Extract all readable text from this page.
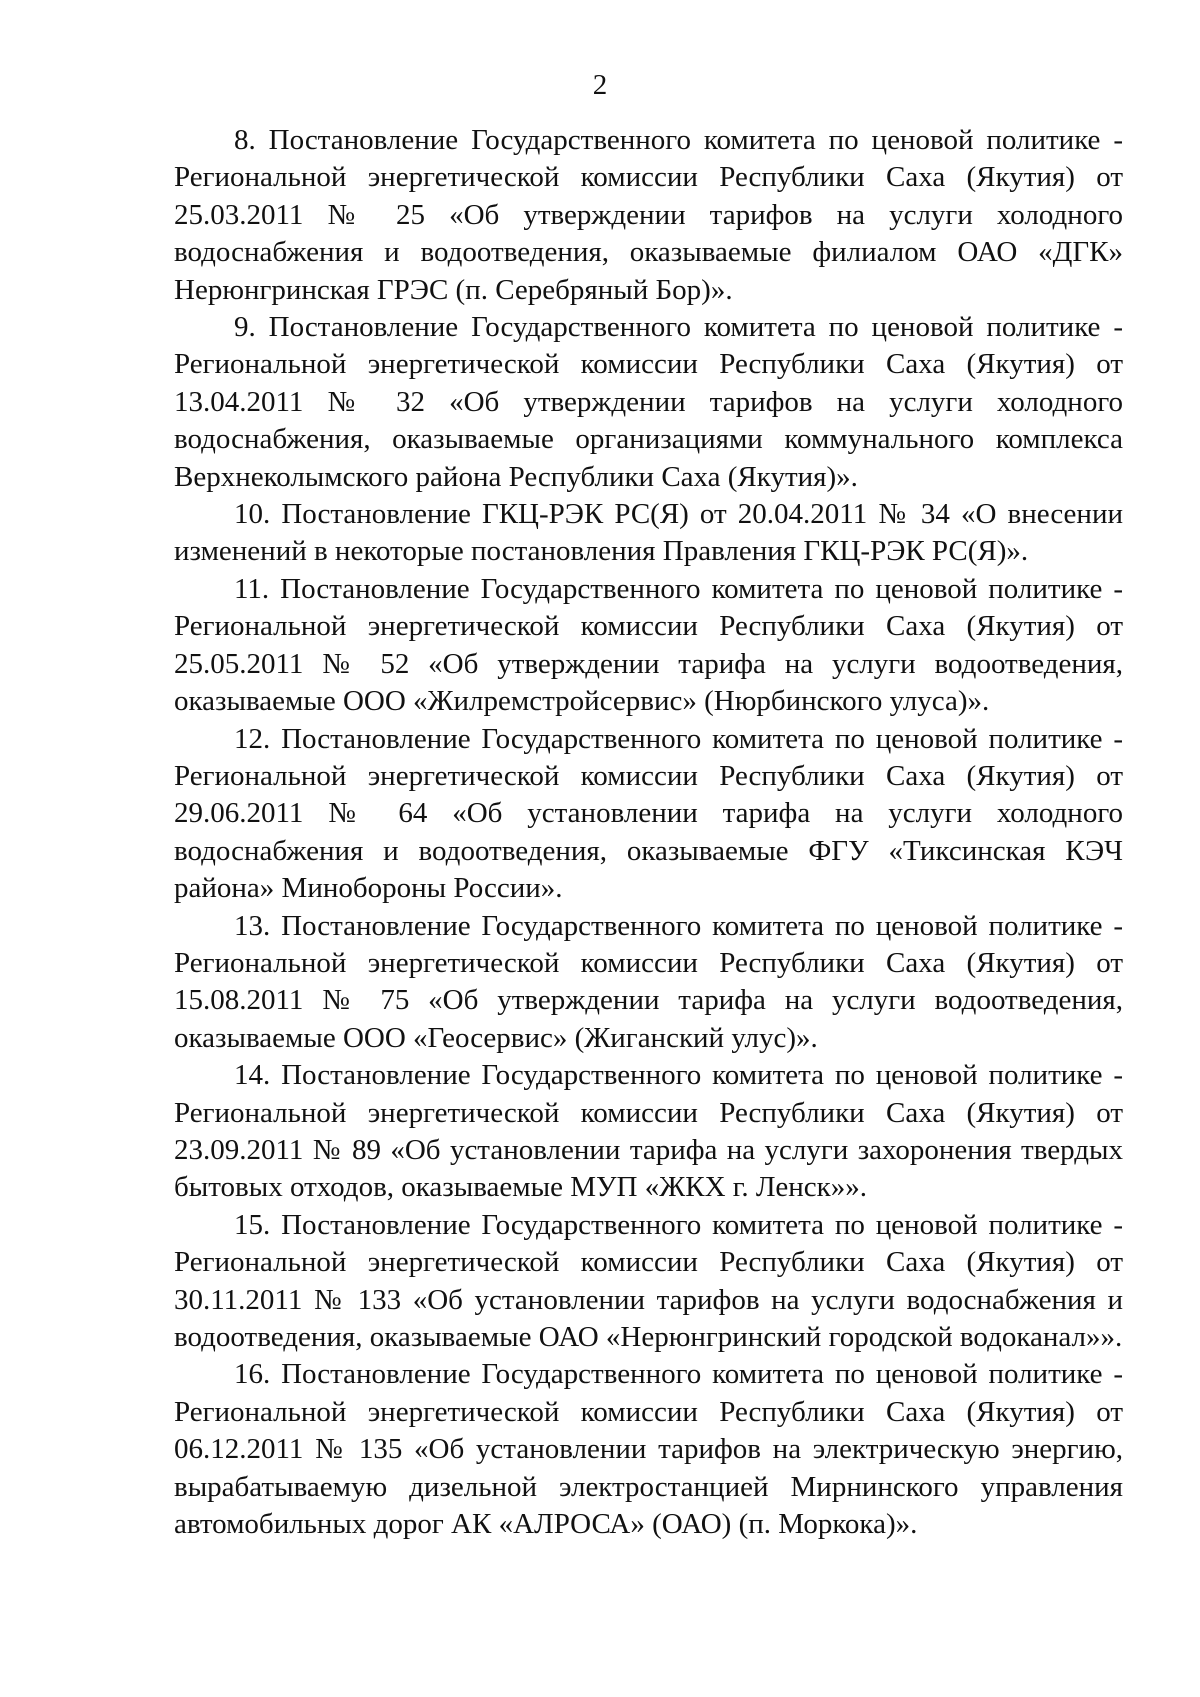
2

8. Постановление Государственного комитета по ценовой политике - Региональной энергетической комиссии Республики Саха (Якутия) от 25.03.2011 № 25 «Об утверждении тарифов на услуги холодного водоснабжения и водоотведения, оказываемые филиалом ОАО «ДГК» Нерюнгринская ГРЭС (п. Серебряный Бор)».

9. Постановление Государственного комитета по ценовой политике - Региональной энергетической комиссии Республики Саха (Якутия) от 13.04.2011 № 32 «Об утверждении тарифов на услуги холодного водоснабжения, оказываемые организациями коммунального комплекса Верхнеколымского района Республики Саха (Якутия)».

10. Постановление ГКЦ-РЭК РС(Я) от 20.04.2011 № 34 «О внесении изменений в некоторые постановления Правления ГКЦ-РЭК РС(Я)».

11. Постановление Государственного комитета по ценовой политике - Региональной энергетической комиссии Республики Саха (Якутия) от 25.05.2011 № 52 «Об утверждении тарифа на услуги водоотведения, оказываемые ООО «Жилремстройсервис» (Нюрбинского улуса)».

12. Постановление Государственного комитета по ценовой политике - Региональной энергетической комиссии Республики Саха (Якутия) от 29.06.2011 № 64 «Об установлении тарифа на услуги холодного водоснабжения и водоотведения, оказываемые ФГУ «Тиксинская КЭЧ района» Минобороны России».

13. Постановление Государственного комитета по ценовой политике - Региональной энергетической комиссии Республики Саха (Якутия) от 15.08.2011 № 75 «Об утверждении тарифа на услуги водоотведения, оказываемые ООО «Геосервис» (Жиганский улус)».

14. Постановление Государственного комитета по ценовой политике - Региональной энергетической комиссии Республики Саха (Якутия) от 23.09.2011 № 89 «Об установлении тарифа на услуги захоронения твердых бытовых отходов, оказываемые МУП «ЖКХ г. Ленск»».

15. Постановление Государственного комитета по ценовой политике - Региональной энергетической комиссии Республики Саха (Якутия) от 30.11.2011 № 133 «Об установлении тарифов на услуги водоснабжения и водоотведения, оказываемые ОАО «Нерюнгринский городской водоканал»».

16. Постановление Государственного комитета по ценовой политике - Региональной энергетической комиссии Республики Саха (Якутия) от 06.12.2011 № 135 «Об установлении тарифов на электрическую энергию, вырабатываемую дизельной электростанцией Мирнинского управления автомобильных дорог АК «АЛРОСА» (ОАО) (п. Моркока)».
